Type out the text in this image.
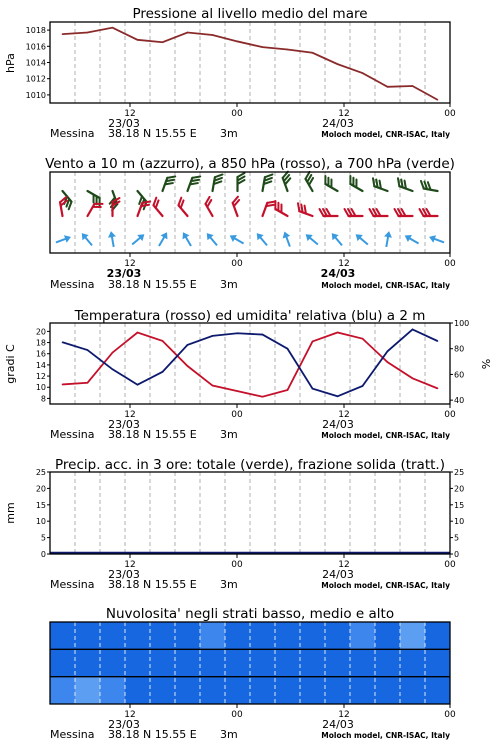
Pressione al livello medio del mare
1010
1012
1014
1016
1018
hPa
12	00	12	00
23/03	24/03
Messina 38.18 N 15.55 E 3m	Moloch model, CNR-ISAC, Italy
Vento a 10 m (azzurro), a 850 hPa (rosso), a 700 hPa (verde)
12	00	12	00
23/03	24/03
Messina 38.18 N 15.55 E 3m	Moloch model, CNR-ISAC, Italy
Temperatura (rosso) ed umidita' relativa (blu) a 2 m
8
10
12
14
16
18
20
40
60
80
100
gradi C	%
12	00	12	00
23/03	24/03
Messina 38.18 N 15.55 E 3m	Moloch model, CNR-ISAC, Italy
Precip. acc. in 3 ore: totale (verde), frazione solida (tratt.)
0
5
10
15
20
25
0
5
10
15
20
25
mm
12	00	12	00
23/03	24/03
Messina 38.18 N 15.55 E 3m	Moloch model, CNR-ISAC, Italy
Nuvolosita' negli strati basso, medio e alto
12	00	12	00
23/03	24/03
Messina 38.18 N 15.55 E 3m	Moloch model, CNR-ISAC, Italy
